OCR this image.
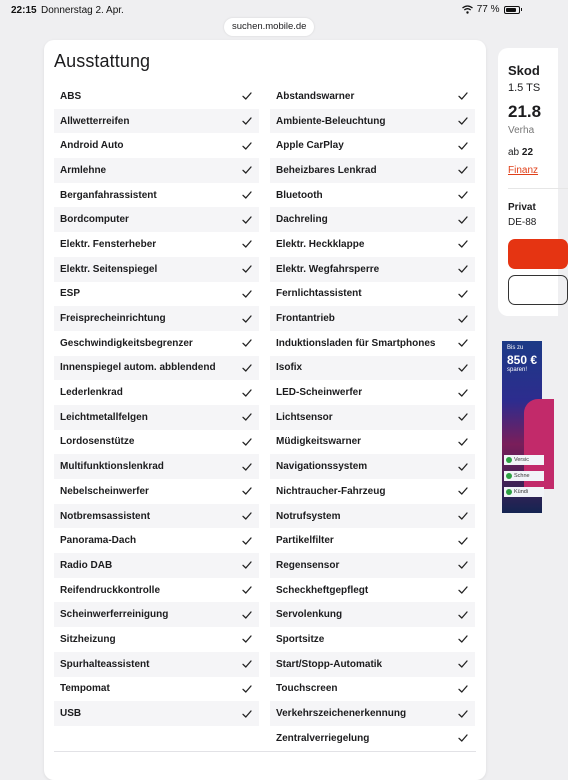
22:15 Donnerstag 2. Apr.	77 %
suchen.mobile.de
Ausstattung
ABS
Allwetterreifen
Android Auto
Armlehne
Berganfahrassistent
Bordcomputer
Elektr. Fensterheber
Elektr. Seitenspiegel
ESP
Freisprecheinrichtung
Geschwindigkeitsbegrenzer
Innenspiegel autom. abblendend
Lederlenkrad
Leichtmetallfelgen
Lordosenstütze
Multifunktionslenkrad
Nebelscheinwerfer
Notbremsassistent
Panorama-Dach
Radio DAB
Reifendruckkontrolle
Scheinwerferreinigung
Sitzheizung
Spurhalteassistent
Tempomat
USB
Abstandswarner
Ambiente-Beleuchtung
Apple CarPlay
Beheizbares Lenkrad
Bluetooth
Dachreling
Elektr. Heckklappe
Elektr. Wegfahrsperre
Fernlichtassistent
Frontantrieb
Induktionsladen für Smartphones
Isofix
LED-Scheinwerfer
Lichtsensor
Müdigkeitswarner
Navigationssystem
Nichtraucher-Fahrzeug
Notrufsystem
Partikelfilter
Regensensor
Scheckheftgepflegt
Servolenkung
Sportsitze
Start/Stopp-Automatik
Touchscreen
Verkehrszeichenerkennung
Zentralverriegelung
Skod
1.5 TS
21.8
Verha
ab 22
Finanz
Privat
DE-88
Bis zu
850 €
sparen!
Versic
Schne
Kündi
